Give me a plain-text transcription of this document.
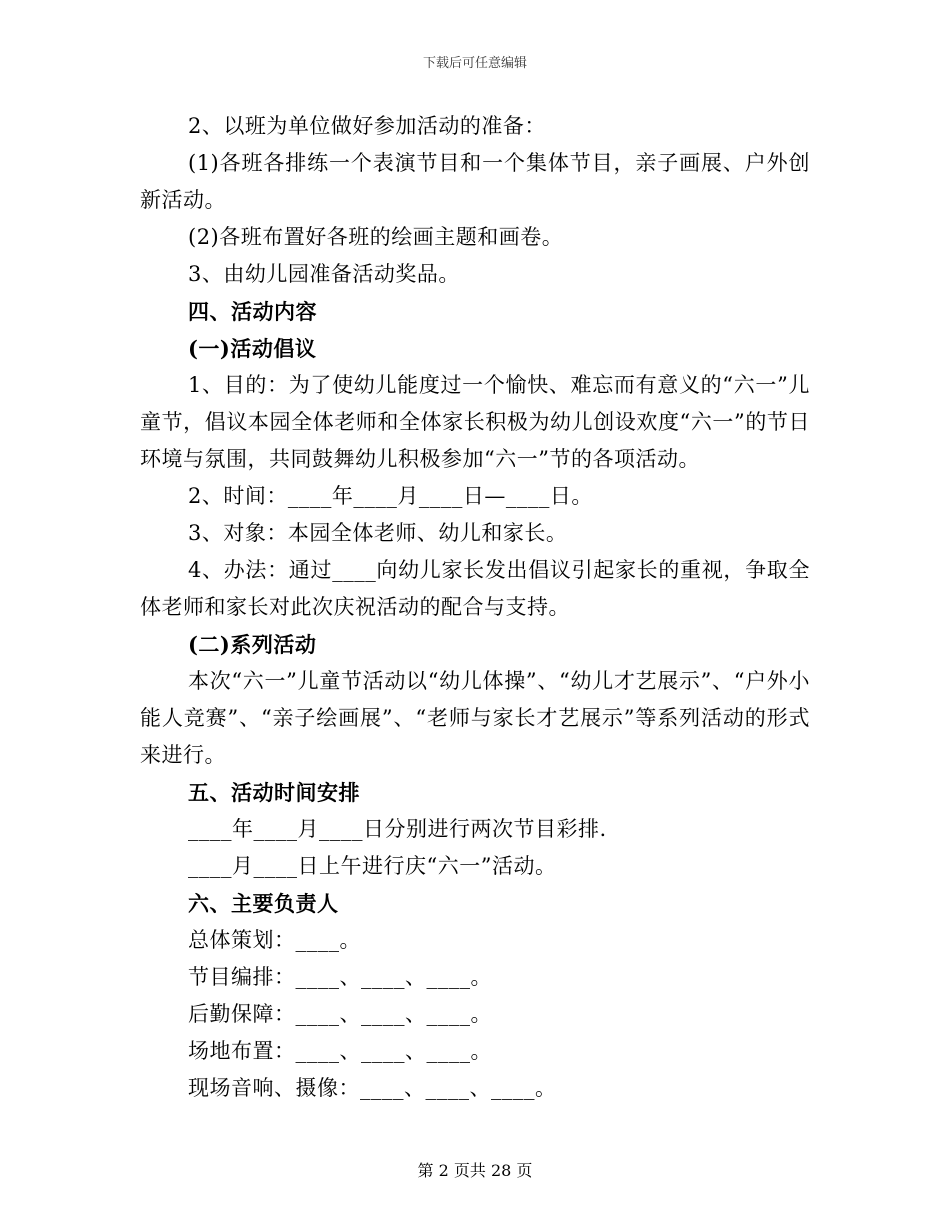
下载后可任意编辑

2、以班为单位做好参加活动的准备：

(1)各班各排练一个表演节目和一个集体节目，亲子画展、户外创新活动。

(2)各班布置好各班的绘画主题和画卷。

3、由幼儿园准备活动奖品。

四、活动内容

(一)活动倡议

1、目的：为了使幼儿能度过一个愉快、难忘而有意义的“六一”儿童节，倡议本园全体老师和全体家长积极为幼儿创设欢度“六一”的节日环境与氛围，共同鼓舞幼儿积极参加“六一”节的各项活动。

2、时间：____年____月____日—____日。

3、对象：本园全体老师、幼儿和家长。

4、办法：通过____向幼儿家长发出倡议引起家长的重视，争取全体老师和家长对此次庆祝活动的配合与支持。

(二)系列活动

本次“六一”儿童节活动以“幼儿体操”、“幼儿才艺展示”、“户外小能人竞赛”、“亲子绘画展”、“老师与家长才艺展示”等系列活动的形式来进行。

五、活动时间安排

____年____月____日分别进行两次节目彩排.

____月____日上午进行庆“六一”活动。

六、主要负责人

总体策划：____。

节目编排：____、____、____。

后勤保障：____、____、____。

场地布置：____、____、____。

现场音响、摄像：____、____、____。

第 2 页共 28 页
